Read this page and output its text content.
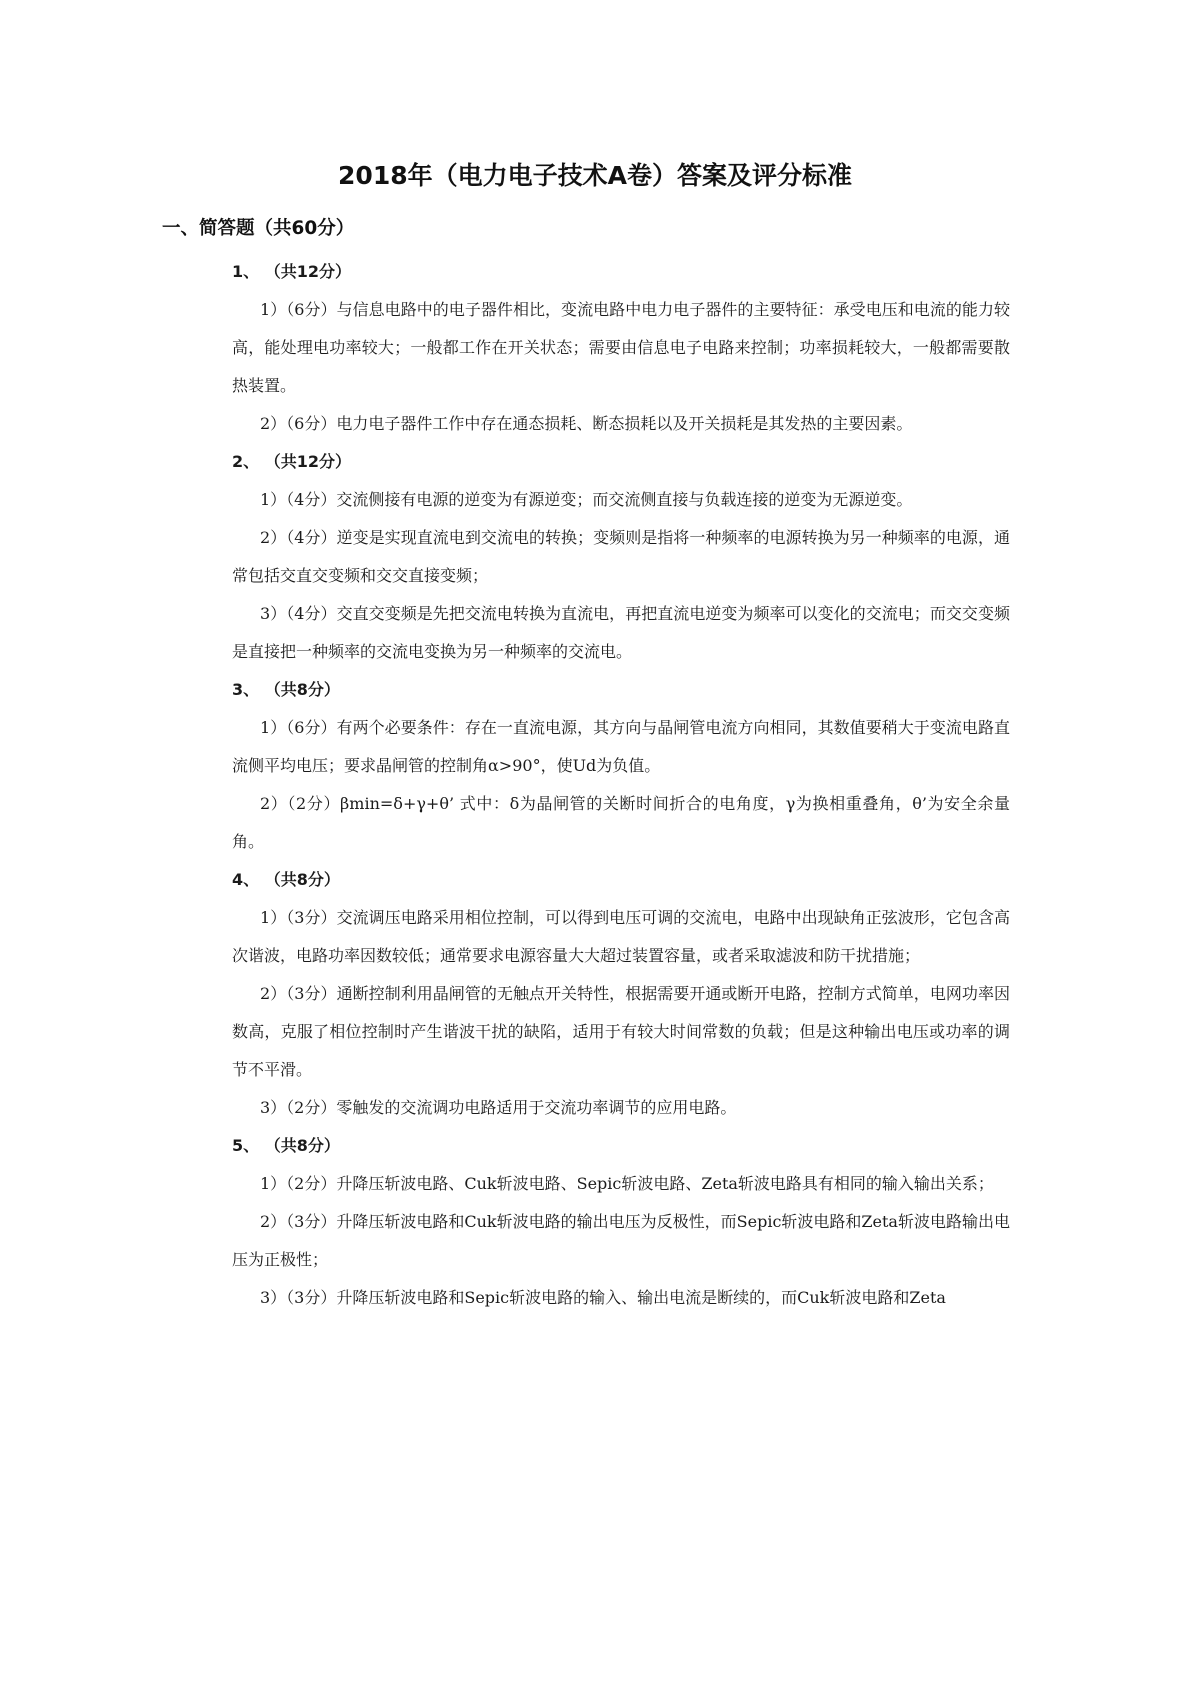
2018年（电力电子技术A卷）答案及评分标准
一、简答题（共60分）
1、 （共12分）
1）（6分）与信息电路中的电子器件相比，变流电路中电力电子器件的主要特征：承受电压和电流的能力较高，能处理电功率较大；一般都工作在开关状态；需要由信息电子电路来控制；功率损耗较大，一般都需要散热装置。
2）（6分）电力电子器件工作中存在通态损耗、断态损耗以及开关损耗是其发热的主要因素。
2、 （共12分）
1）（4分）交流侧接有电源的逆变为有源逆变；而交流侧直接与负载连接的逆变为无源逆变。
2）（4分）逆变是实现直流电到交流电的转换；变频则是指将一种频率的电源转换为另一种频率的电源，通常包括交直交变频和交交直接变频；
3）（4分）交直交变频是先把交流电转换为直流电，再把直流电逆变为频率可以变化的交流电；而交交变频是直接把一种频率的交流电变换为另一种频率的交流电。
3、 （共8分）
1）（6分）有两个必要条件：存在一直流电源，其方向与晶闸管电流方向相同，其数值要稍大于变流电路直流侧平均电压；要求晶闸管的控制角α>90°，使Ud为负值。
2）（2分）βmin=δ+γ+θ’ 式中：δ为晶闸管的关断时间折合的电角度，γ为换相重叠角，θ’为安全余量角。
4、 （共8分）
1）（3分）交流调压电路采用相位控制，可以得到电压可调的交流电，电路中出现缺角正弦波形，它包含高次谐波，电路功率因数较低；通常要求电源容量大大超过装置容量，或者采取滤波和防干扰措施；
2）（3分）通断控制利用晶闸管的无触点开关特性，根据需要开通或断开电路，控制方式简单，电网功率因数高，克服了相位控制时产生谐波干扰的缺陷，适用于有较大时间常数的负载；但是这种输出电压或功率的调节不平滑。
3）（2分）零触发的交流调功电路适用于交流功率调节的应用电路。
5、 （共8分）
1）（2分）升降压斩波电路、Cuk斩波电路、Sepic斩波电路、Zeta斩波电路具有相同的输入输出关系；
2）（3分）升降压斩波电路和Cuk斩波电路的输出电压为反极性，而Sepic斩波电路和Zeta斩波电路输出电压为正极性；
3）（3分）升降压斩波电路和Sepic斩波电路的输入、输出电流是断续的，而Cuk斩波电路和Zeta
